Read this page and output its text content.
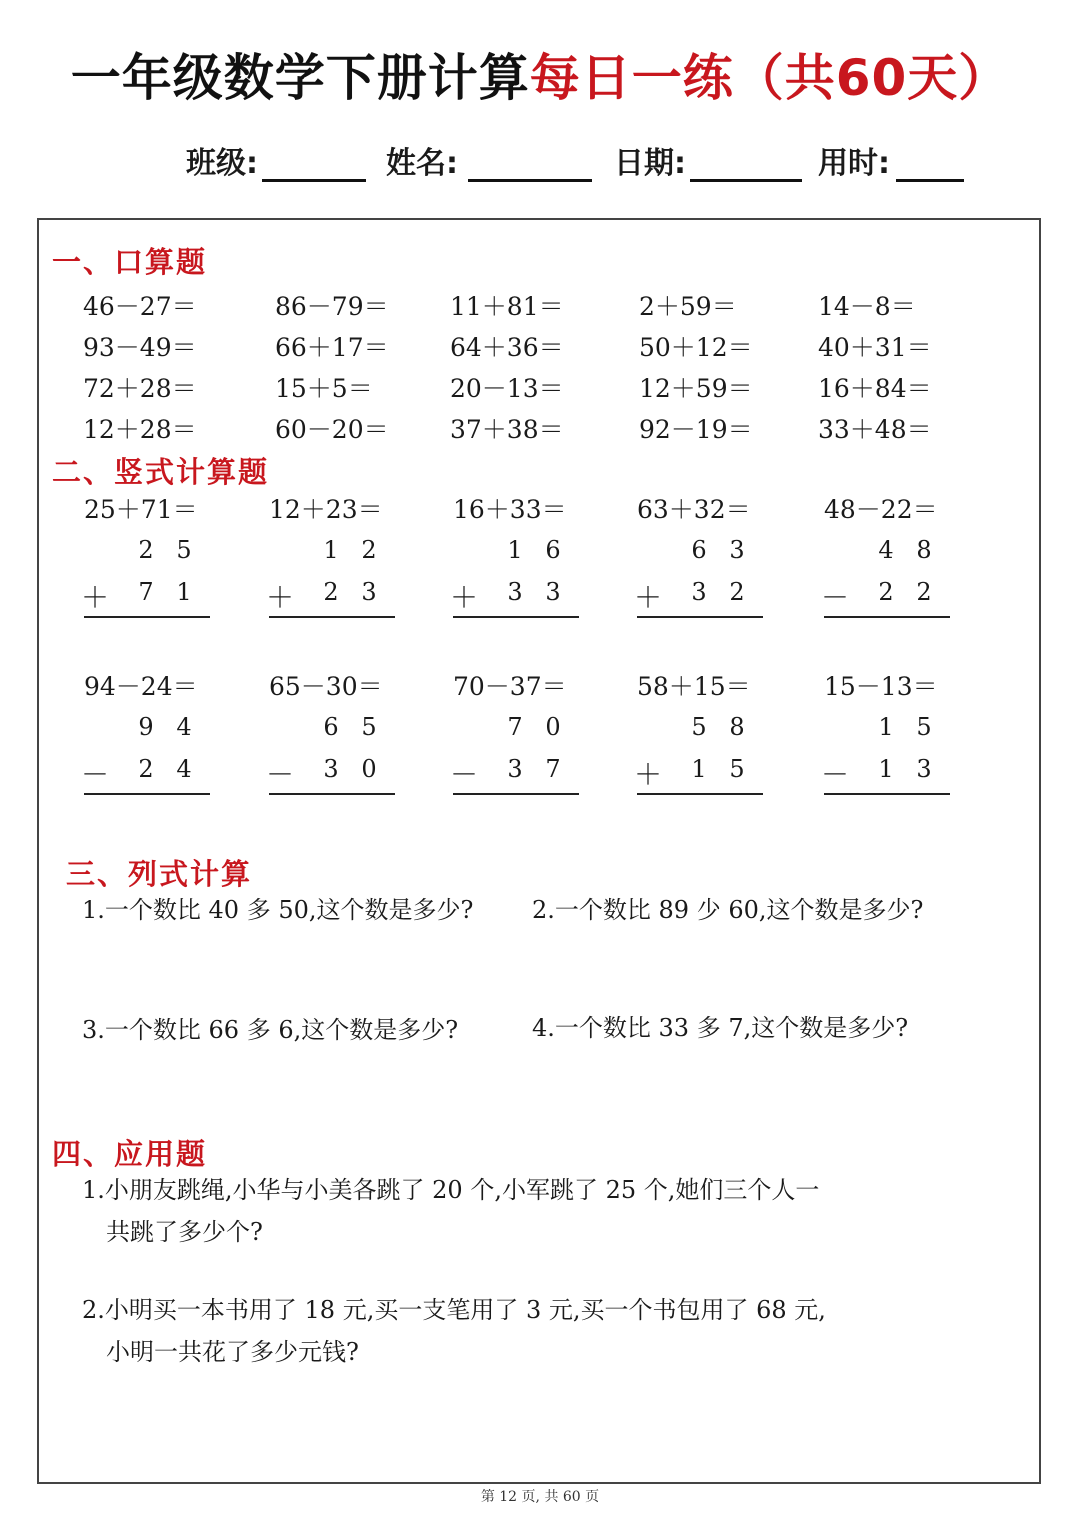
一年级数学下册计算每日一练（共60天）
班级:	姓名:	日期:	用时:
一、口算题
46－27＝	86－79＝ 11＋81＝	2＋59＝	14－8＝
93－49＝	66＋17＝ 64＋36＝	50＋12＝	40＋31＝
72＋28＝	15＋5＝	20－13＝	12＋59＝	16＋84＝
12＋28＝	60－20＝ 37＋38＝	92－19＝	33＋48＝
二、竖式计算题
25＋71＝
2 5
＋ 7 1
12＋23＝
1 2
＋ 2 3
16＋33＝
1 6
＋ 3 3
63＋32＝
6 3
＋ 3 2
48－22＝
4 8
－ 2 2
94－24＝
9 4
－ 2 4
65－30＝
6 5
－ 3 0
70－37＝
7 0
－ 3 7
58＋15＝
5 8
＋ 1 5
15－13＝
1 5
－ 1 3
三、列式计算
1.一个数比 40 多 50,这个数是多少? 2.一个数比 89 少 60,这个数是多少?
3.一个数比 66 多 6,这个数是多少?	4.一个数比 33 多 7,这个数是多少?
四、应用题
1.小朋友跳绳,小华与小美各跳了 20 个,小军跳了 25 个,她们三个人一
共跳了多少个?
2.小明买一本书用了 18 元,买一支笔用了 3 元,买一个书包用了 68 元,
小明一共花了多少元钱?
第 12 页, 共 60 页
